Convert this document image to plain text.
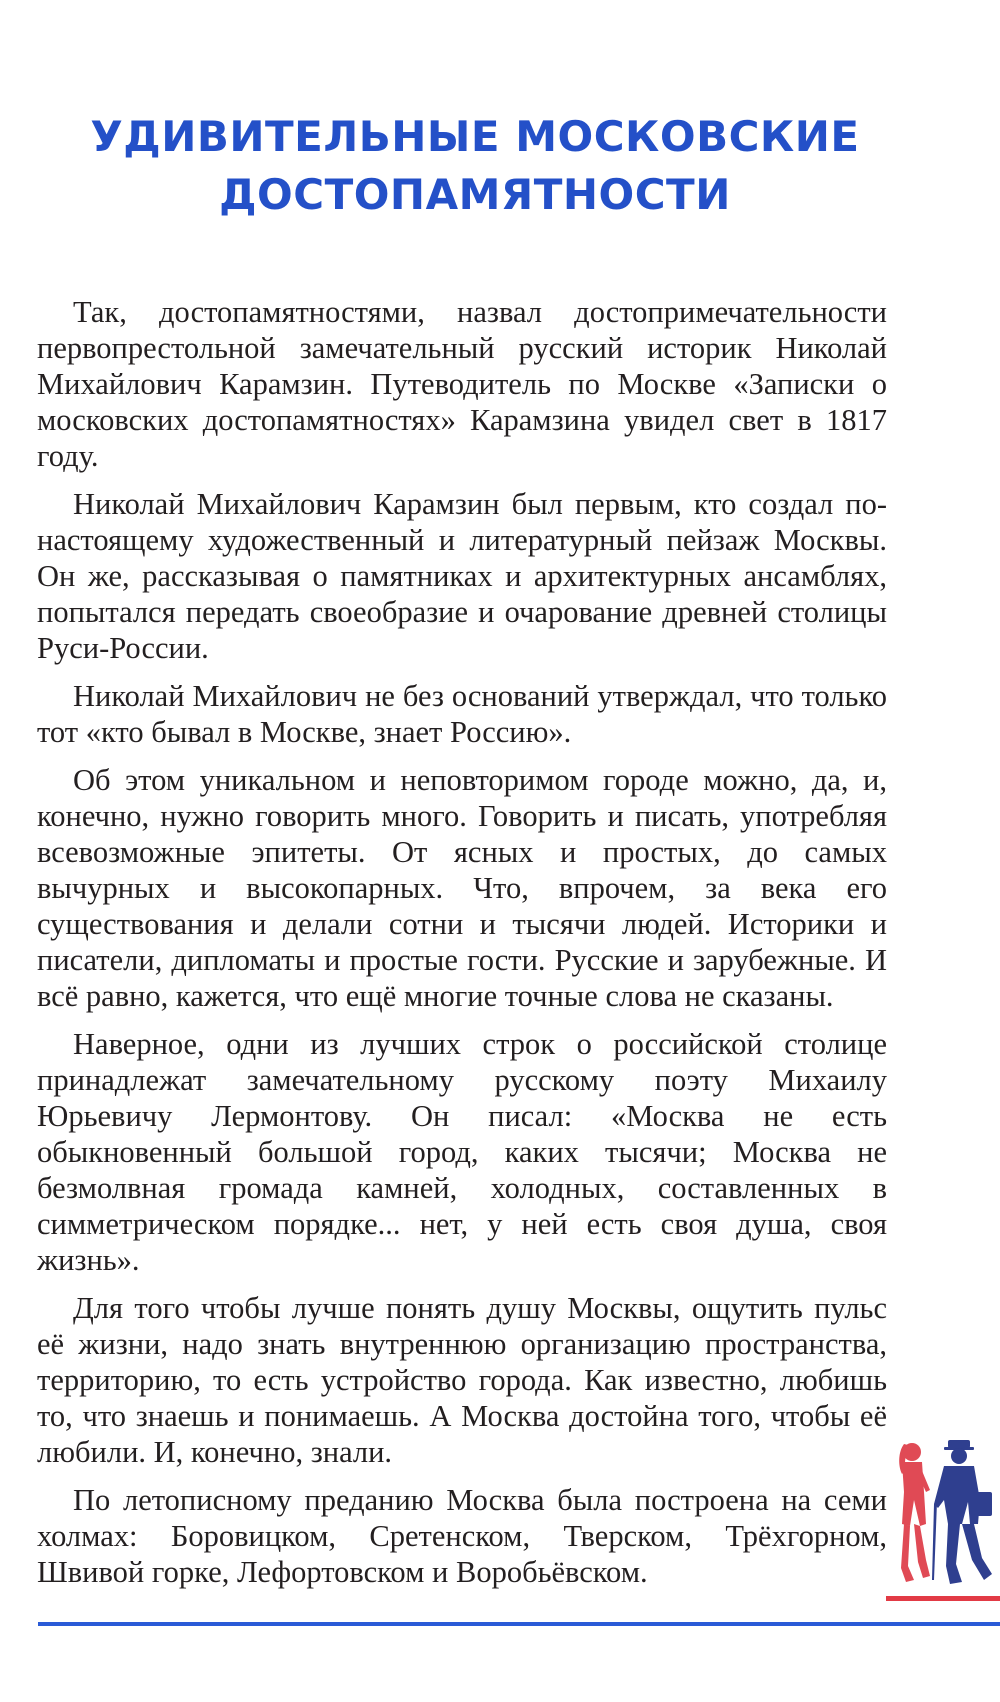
УДИВИТЕЛЬНЫЕ МОСКОВСКИЕ
ДОСТОПАМЯТНОСТИ

Так, достопамятностями, назвал достопримечательности первопрестольной замечательный русский историк Николай Михайлович Карамзин. Путеводитель по Москве «Записки о московских достопамятностях» Карамзина увидел свет в 1817 году.

Николай Михайлович Карамзин был первым, кто создал по-настоящему художественный и литературный пейзаж Москвы. Он же, рассказывая о памятниках и архитектурных ансамблях, попытался передать своеобразие и очарование древней столицы Руси-России.

Николай Михайлович не без оснований утверждал, что только тот «кто бывал в Москве, знает Россию».

Об этом уникальном и неповторимом городе можно, да, и, конечно, нужно говорить много. Говорить и писать, употребляя всевозможные эпитеты. От ясных и простых, до самых вычурных и высокопарных. Что, впрочем, за века его существования и делали сотни и тысячи людей. Историки и писатели, дипломаты и простые гости. Русские и зарубежные. И всё равно, кажется, что ещё многие точные слова не сказаны.

Наверное, одни из лучших строк о российской столице принадлежат замечательному русскому поэту Михаилу Юрьевичу Лермонтову. Он писал: «Москва не есть обыкновенный большой город, каких тысячи; Москва не безмолвная громада камней, холодных, составленных в симметрическом порядке... нет, у ней есть своя душа, своя жизнь».

Для того чтобы лучше понять душу Москвы, ощутить пульс её жизни, надо знать внутреннюю организацию пространства, территорию, то есть устройство города. Как известно, любишь то, что знаешь и понимаешь. А Москва достойна того, чтобы её любили. И, конечно, знали.

По летописному преданию Москва была построена на семи холмах: Боровицком, Сретенском, Тверском, Трёхгорном, Швивой горке, Лефортовском и Воробьёвском.
